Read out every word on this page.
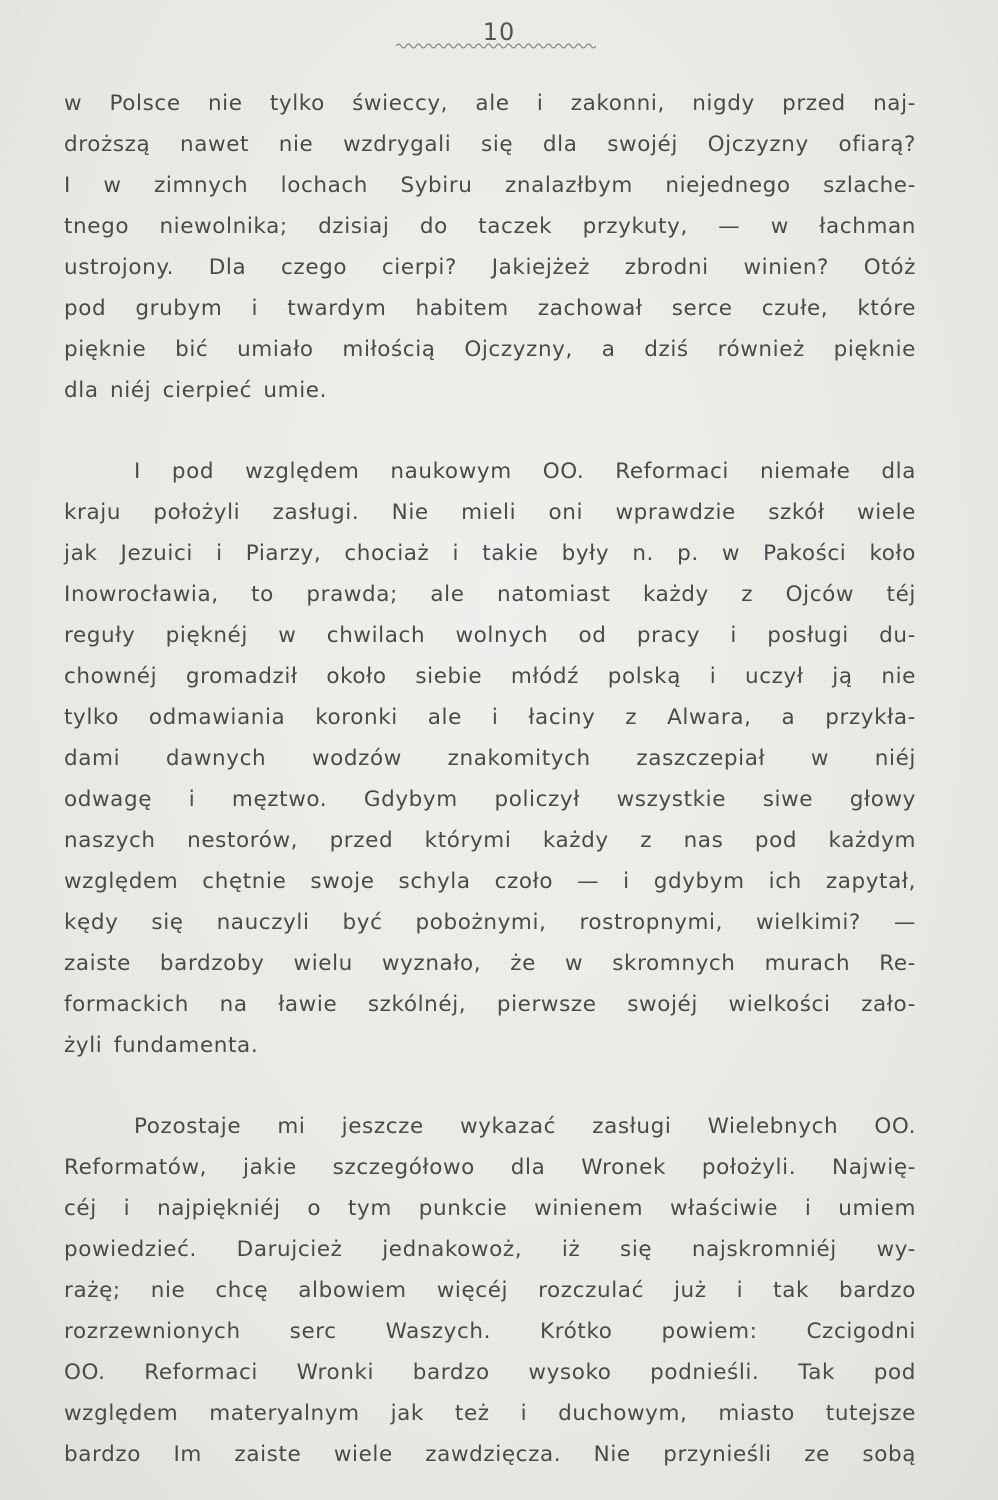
10
w Polsce nie tylko świeccy, ale i zakonni, nigdy przed naj-
droższą nawet nie wzdrygali się dla swojéj Ojczyzny ofiarą?
I w zimnych lochach Sybiru znalazłbym niejednego szlache-
tnego niewolnika; dzisiaj do taczek przykuty, — w łachman
ustrojony. Dla czego cierpi? Jakiejżeż zbrodni winien? Otóż
pod grubym i twardym habitem zachował serce czułe, które
pięknie bić umiało miłością Ojczyzny, a dziś również pięknie
dla niéj cierpieć umie.
I pod względem naukowym OO. Reformaci niemałe dla
kraju położyli zasługi. Nie mieli oni wprawdzie szkół wiele
jak Jezuici i Piarzy, chociaż i takie były n. p. w Pakości koło
Inowrocławia, to prawda; ale natomiast każdy z Ojców téj
reguły pięknéj w chwilach wolnych od pracy i posługi du-
chownéj gromadził około siebie młódź polską i uczył ją nie
tylko odmawiania koronki ale i łaciny z Alwara, a przykła-
dami dawnych wodzów znakomitych zaszczepiał w niéj
odwagę i męztwo. Gdybym policzył wszystkie siwe głowy
naszych nestorów, przed którymi każdy z nas pod każdym
względem chętnie swoje schyla czoło — i gdybym ich zapytał,
kędy się nauczyli być pobożnymi, rostropnymi, wielkimi? —
zaiste bardzoby wielu wyznało, że w skromnych murach Re-
formackich na ławie szkólnéj, pierwsze swojéj wielkości zało-
żyli fundamenta.
Pozostaje mi jeszcze wykazać zasługi Wielebnych OO.
Reformatów, jakie szczegółowo dla Wronek położyli. Najwię-
céj i najpiękniéj o tym punkcie winienem właściwie i umiem
powiedzieć. Darujcież jednakowoż, iż się najskromniéj wy-
rażę; nie chcę albowiem więcéj rozczulać już i tak bardzo
rozrzewnionych serc Waszych. Krótko powiem: Czcigodni
OO. Reformaci Wronki bardzo wysoko podnieśli. Tak pod
względem materyalnym jak też i duchowym, miasto tutejsze
bardzo Im zaiste wiele zawdzięcza. Nie przynieśli ze sobą
